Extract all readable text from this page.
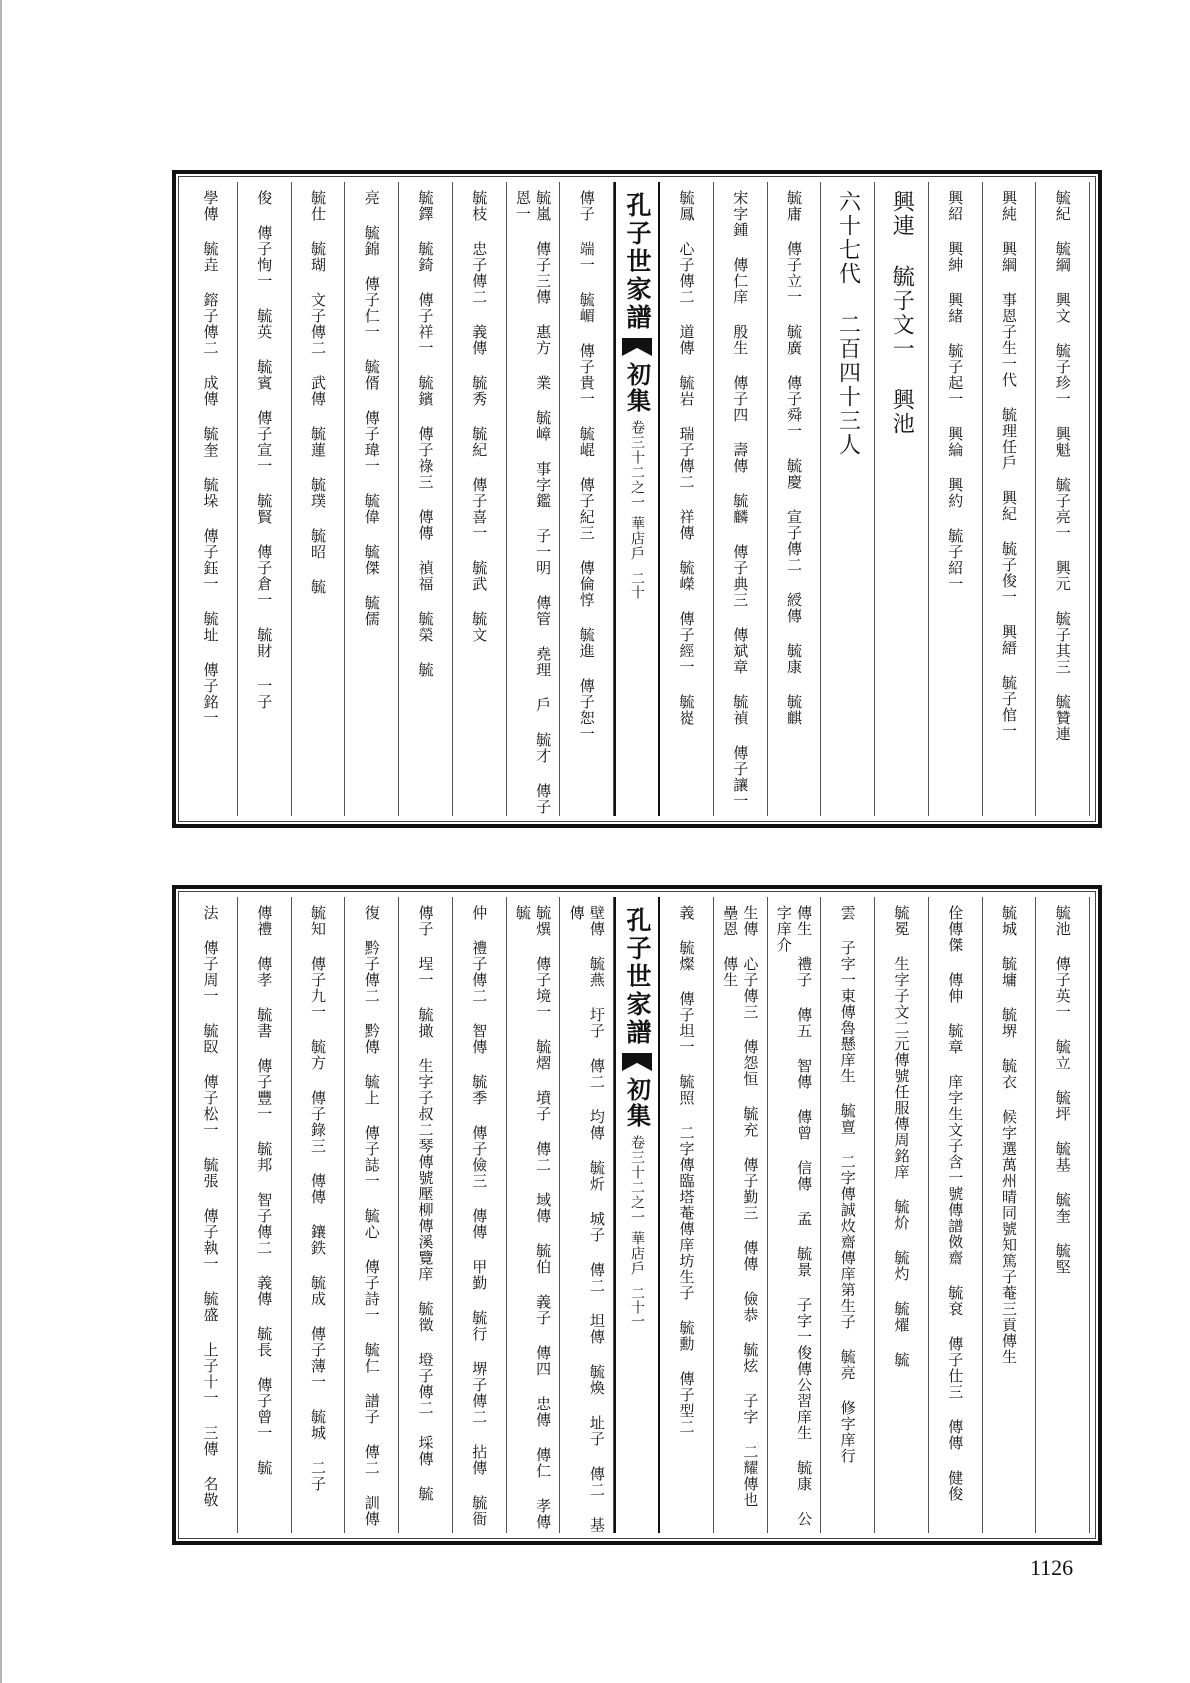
毓紀 毓綱 興文 毓子珍一 興魁 毓子亮一 興元 毓子其三 毓贊連
興純 興綱 事恩子生一代 毓理任戶 興紀 毓子俊一 興縉 毓子倌一
興紹 興紳 興緒 毓子起一 興綸 興約 毓子紹一
興連 毓子文一 興池
六十七代 二百四十三人
毓庸 傳子立一 毓廣 傳子舜一 毓慶 宣子傳二 綬傳 毓康 毓麒
宋字鍾 傳仁庠 殷生 傳子四 壽傳 毓麟 傳子典三 傳斌章 毓禎 傳子讓一
毓鳳 心子傳二 道傳 毓岩 瑞子傳二 祥傳 毓嶸 傳子經一 毓嵸
孔子世家譜
初集
卷三十二之一
華店戶
二十
傳子 端一 毓嵋 傳子貴一 毓崐 傳子紀三 傳倫惇 毓進 傳子恕一
毓嵐 傳子三傳 惠方 業 毓嶂 事字鑑 子一明 傳管 堯理 戶 毓才 傳子恩一
毓枝 忠子傳二 義傳 毓秀 毓紀 傳子喜一 毓武 毓文
毓鐸 毓錡 傳子祥一 毓鑌 傳子祿三 傳傳 禎福 毓榮 毓
亮 毓錦 傳子仁一 毓偦 傳子瑋一 毓偉 毓傑 毓儒
毓仕 毓瑚 文子傳二 武傳 毓蓮 毓璞 毓昭 毓
俊 傳子恂一 毓英 毓賓 傳子宣一 毓賢 傳子倉一 毓財 一子
學傳 毓垚 鎔子傳二 成傳 毓奎 毓垛 傳子鈺一 毓址 傳子銘一
毓池 傳子英一 毓立 毓坪 毓基 毓奎 毓堅
毓城 毓墉 毓堺 毓衣 候字選萬州晴同號知篤子菴三貢傳生
佺傳傑 傳伸 毓章 庠字生文子含一號傳譜傚齋 毓袞 傳子仕三 傳傳 健俊
毓冕 生字子文二元傳號任服傳周銘庠 毓炌 毓灼 毓燿 毓
雲 子字一東傳魯懸庠生 毓亶 二字傳誠炇齋傳庠第生子 毓亮 修字庠行
傳生 禮子 傳五 智傳 傳曾 信傳 孟 毓景 子字一俊傳公習庠生 毓康 公字庠介
生傳 心子傳三 傳怨恒 毓充 傳子勤三 傳傳 儉恭 毓炫 子字 二耀傳也 壘恩 傳生
義 毓燦 傳子坦一 毓照 二字傳臨塔菴傳庠坊生子 毓勳 傳子型二
孔子世家譜
初集
卷三十二之一
華店戶
二十一
壁傳 毓燕 圩子 傳二 均傳 毓炘 城子 傳二 坦傳 毓煥 址子 傳二 基傳
毓熼 傳子境一 毓熠 墳子 傳二 域傳 毓伯 義子 傳四 忠傳 傳仁 孝傳 毓
仲 禮子傳二 智傳 毓季 傳子儉三 傳傳 甲勤 毓行 堺子傳二 拈傳 毓衙
傳子 埕一 毓撖 生字子叔二琴傳號壓柳傳溪覽庠 毓徵 墱子傳二 埰傳 毓
復 黔子傳二 黔傳 毓上 傳子誌一 毓心 傳子詩一 毓仁 譜子 傳二 訓傳
毓知 傳子九一 毓方 傳子錄三 傳傳 鑲鉄 毓成 傳子薄一 毓城 二子
傳禮 傳孝 毓書 傳子豐一 毓邦 智子傳二 義傳 毓長 傳子曾一 毓
法 傳子周一 毓臤 傳子松一 毓張 傳子執一 毓盛 上子十一 三傳 名敬
1126
